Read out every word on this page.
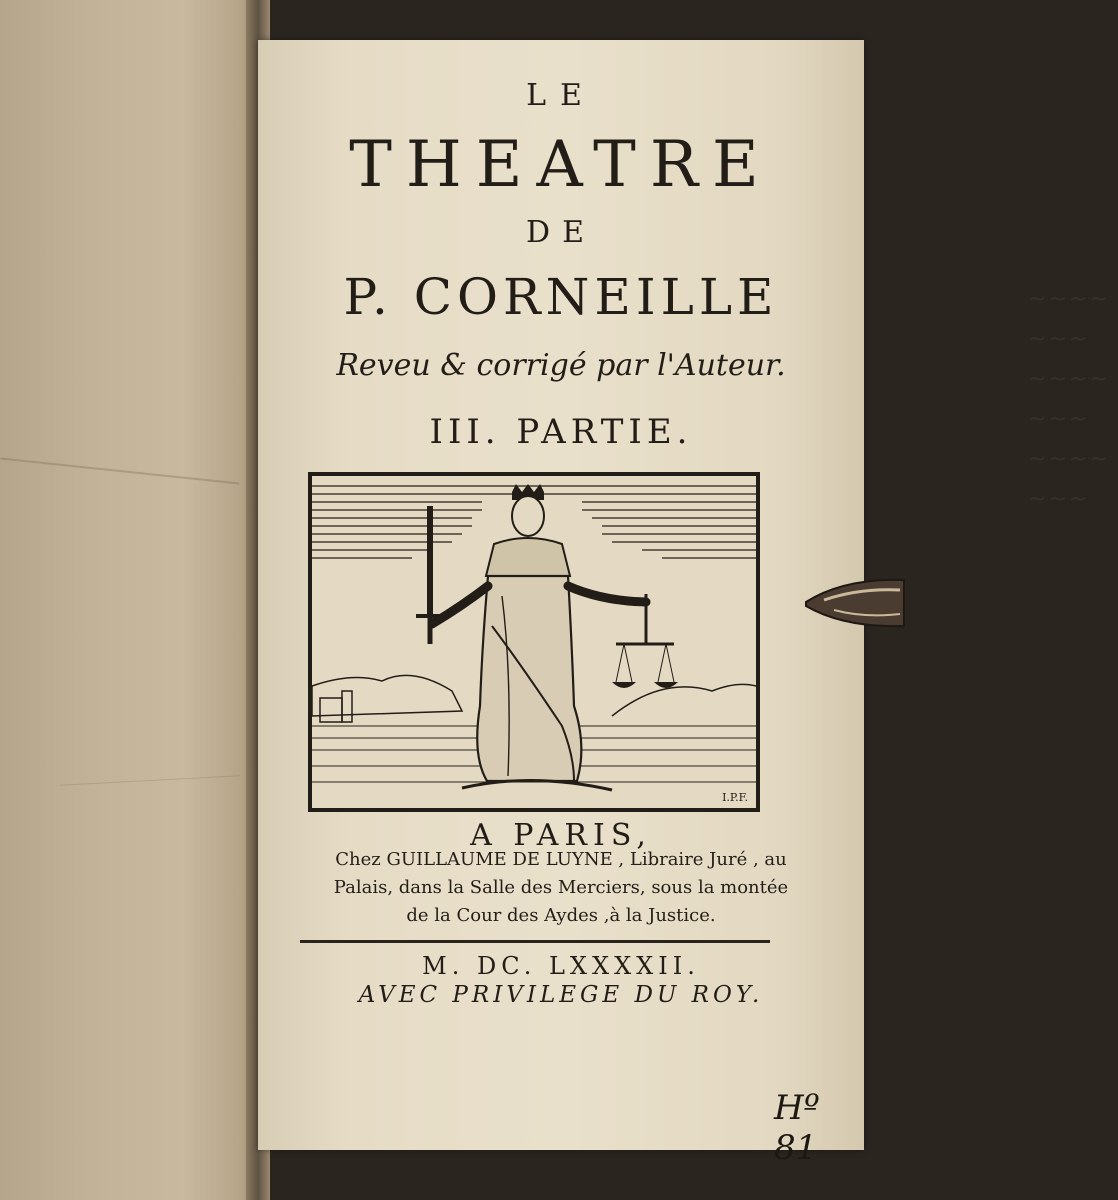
~~~~
~~~
~~~~
~~~
~~~~
~~~
LE
THEATRE
DE
P. CORNEILLE
Reveu & corrigé par l'Auteur.
III. PARTIE.
I.P.F.
A PARIS,
Chez GUILLAUME DE LUYNE , Libraire Juré , au
Palais, dans la Salle des Merciers, sous la montée
de la Cour des Aydes ,à la Justice.
M. DC. LXXXXII.
AVEC PRIVILEGE DU ROY.
Hº 81
